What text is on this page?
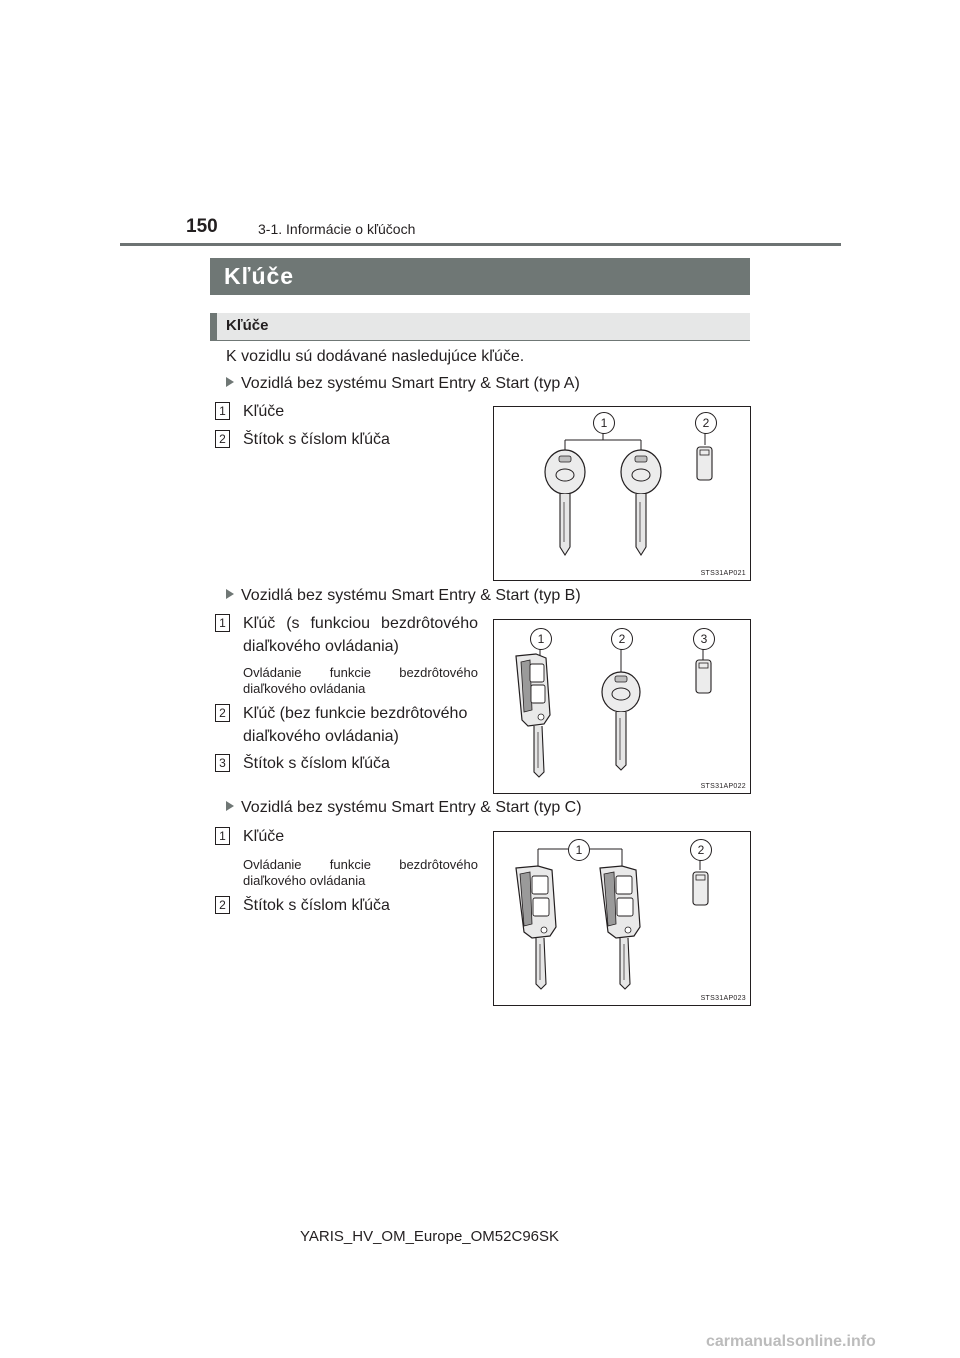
150	3-1. Informácie o kľúčoch
Kľúče
Kľúče
K vozidlu sú dodávané nasledujúce kľúče.
Vozidlá bez systému Smart Entry & Start (typ A)
1 Kľúče
2 Štítok s číslom kľúča
1	2
STS31AP021
Vozidlá bez systému Smart Entry & Start (typ B)
1 Kľúč (s funkciou bezdrôtového
diaľkového ovládania)
Ovládanie funkcie bezdrôtového
diaľkového ovládania
2 Kľúč (bez funkcie bezdrôtového
diaľkového ovládania)
3 Štítok s číslom kľúča
1	2	3
STS31AP022
Vozidlá bez systému Smart Entry & Start (typ C)
1 Kľúče
Ovládanie funkcie bezdrôtového
diaľkového ovládania
2 Štítok s číslom kľúča
1	2
STS31AP023
YARIS_HV_OM_Europe_OM52C96SK
carmanualsonline.info
